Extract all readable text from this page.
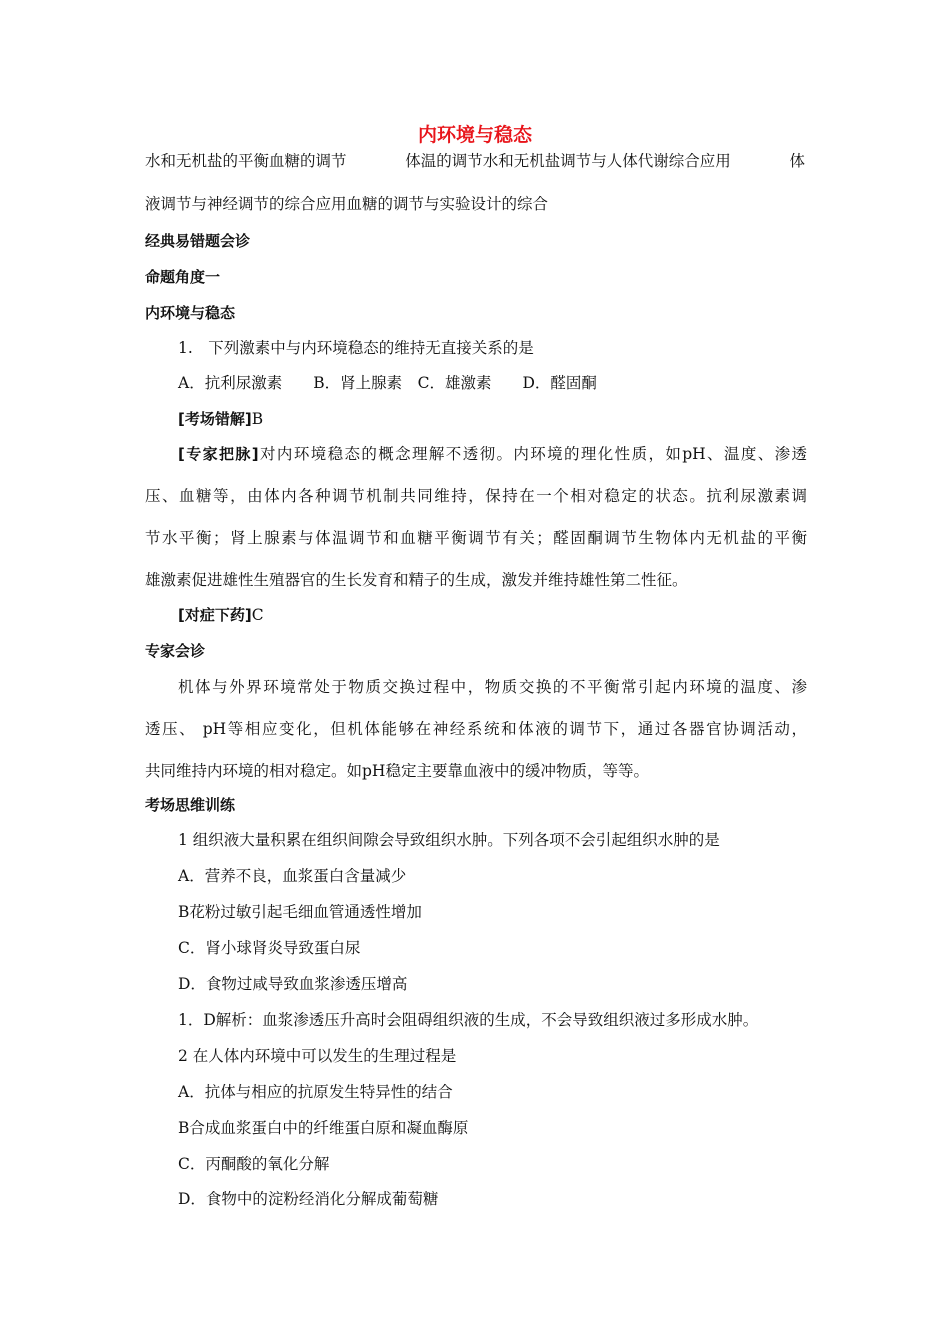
内环境与稳态
水和无机盐的平衡血糖的调节	体温的调节水和无机盐调节与人体代谢综合应用	体
液调节与神经调节的综合应用血糖的调节与实验设计的综合
经典易错题会诊
命题角度一
内环境与稳态
1.　下列激素中与内环境稳态的维持无直接关系的是
A．抗利尿激素　　B．肾上腺素　C．雄激素　　D．醛固酮
[考场错解]B

[专家把脉]对内环境稳态的概念理解不透彻。内环境的理化性质，如pH、温度、渗透

压、血糖等，由体内各种调节机制共同维持，保持在一个相对稳定的状态。抗利尿激素调

节水平衡；肾上腺素与体温调节和血糖平衡调节有关；醛固酮调节生物体内无机盐的平衡

雄激素促进雄性生殖器官的生长发育和精子的生成，激发并维持雄性第二性征。

[对症下药]C
专家会诊

机体与外界环境常处于物质交换过程中，物质交换的不平衡常引起内环境的温度、渗

透压、 pH等相应变化，但机体能够在神经系统和体液的调节下，通过各器官协调活动，

共同维持内环境的相对稳定。如pH稳定主要靠血液中的缓冲物质，等等。

考场思维训练
1 组织液大量积累在组织间隙会导致组织水肿。下列各项不会引起组织水肿的是
A．营养不良，血浆蛋白含量减少
B花粉过敏引起毛细血管通透性增加
C．肾小球肾炎导致蛋白尿
D．食物过咸导致血浆渗透压增高
1．D解析：血浆渗透压升高时会阻碍组织液的生成，不会导致组织液过多形成水肿。
2 在人体内环境中可以发生的生理过程是
A．抗体与相应的抗原发生特异性的结合
B合成血浆蛋白中的纤维蛋白原和凝血酶原
C．丙酮酸的氧化分解
D．食物中的淀粉经消化分解成葡萄糖
